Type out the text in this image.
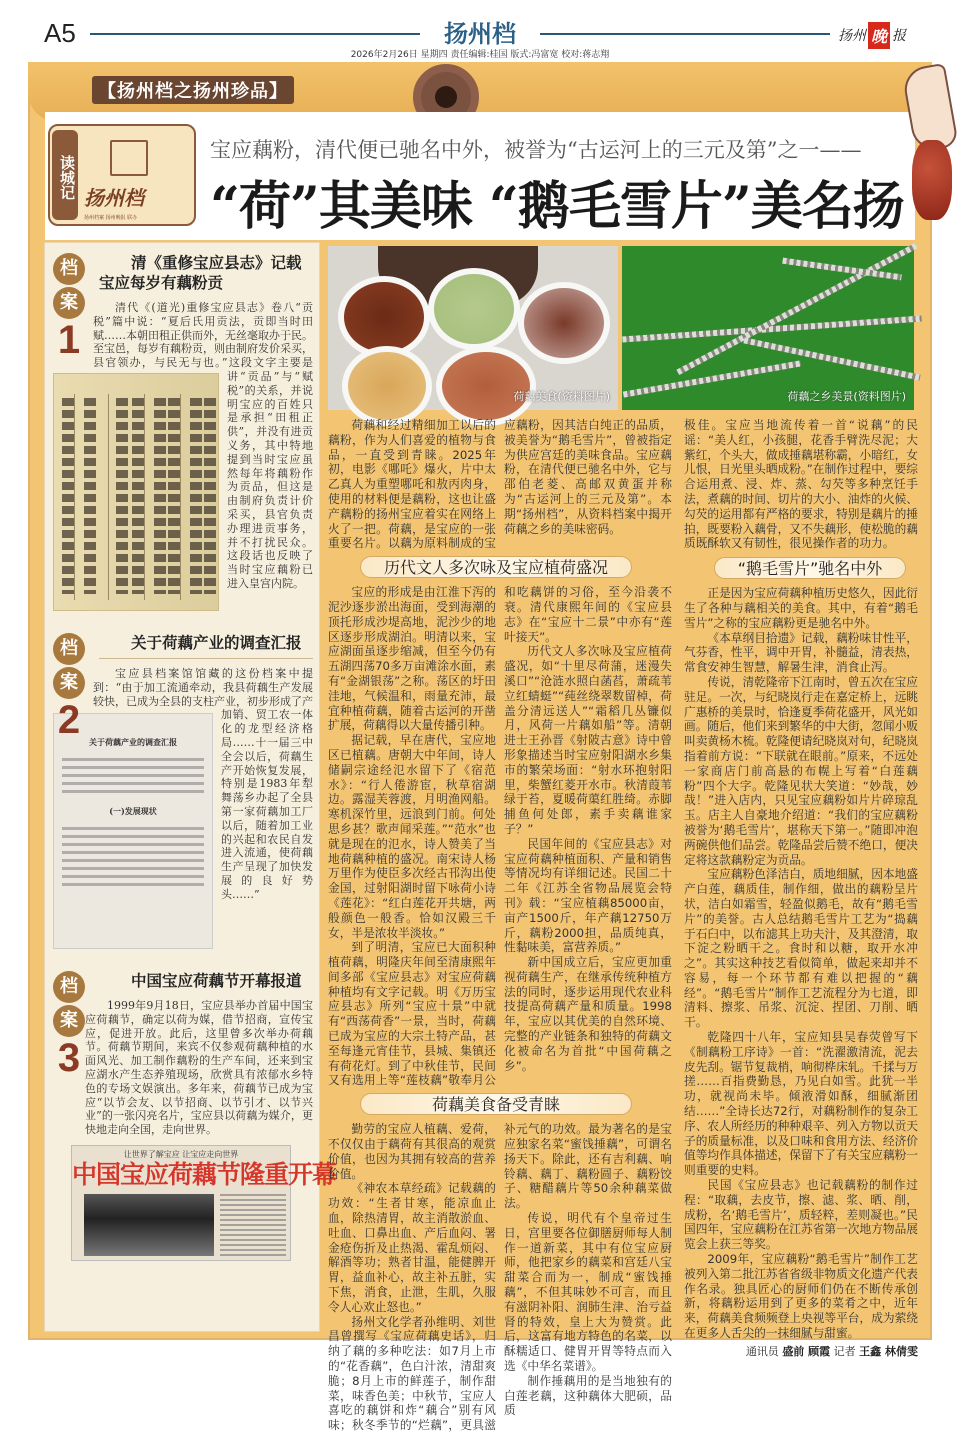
A5	扬州档
2026年2月26日 星期四 责任编辑:桂国 版式:冯富宽 校对:蒋志翔
扬州 晚 报
【扬州档之扬州珍品】
读城记 扬州档
扬州档案 扬州晚报 联办
宝应藕粉，清代便已驰名中外，被誉为“古运河上的三元及第”之一——
“荷”其美味 “鹅毛雪片”美名扬
档
案
1
清《重修宝应县志》记载宝应每岁有藕粉贡
清代《(道光)重修宝应县志》卷八“贡税”篇中说：“夏后氏用贡法，贡即当时田赋……本朝田租正供而外，无丝毫取办于民。至宝邑，每岁有藕粉贡，则由制府发价采买，县官领办，与民无与也。”这段文字主要是讲“贡品”与“赋税”的关系，并说明宝应的百姓只是承担“田租正供”，并没有进贡义务，其中特地提到当时宝应虽然每年将藕粉作为贡品，但这是由制府负责计价采买，县官负责办理进贡事务，并不打扰民众。这段话也反映了当时宝应藕粉已进入皇宫内院。
档
案
2
关于荷藕产业的调查汇报
关于荷藕产业的调查汇报
(一)发展现状
宝应县档案馆馆藏的这份档案中提到：“由于加工流通牵动，我县荷藕生产发展较快，已成为全县的支柱产业，初步形成了产加销、贸工农一体化的龙型经济格局……十一届三中全会以后，荷藕生产开始恢复发展，特别是1983年犁舞荡乡办起了全县第一家荷藕加工厂以后，随着加工业的兴起和农民自发进入流通，使荷藕生产呈现了加快发展的良好势头……”
档
案
3
中国宝应荷藕节开幕报道
1999年9月18日，宝应县举办首届中国宝应荷藕节，确定以荷为媒，借节招商，宣传宝应，促进开放。此后，这里曾多次举办荷藕节。荷藕节期间，来宾不仅参观荷藕种植的水面风光、加工制作藕粉的生产车间，还来到宝应湖水产生态养殖现场，欣赏具有浓郁水乡特色的专场文娱演出。多年来，荷藕节已成为宝应“以节会友、以节招商、以节引才、以节兴业”的一张闪亮名片，宝应县以荷藕为媒介，更快地走向全国，走向世界。
让世界了解宝应 让宝应走向世界
中国宝应荷藕节隆重开幕
荷藕美食(资料图片)	荷藕之乡美景(资料图片)

荷藕和经过精细加工以后的藕粉，作为人们喜爱的植物与食品，一直受到青睐。2025年初，电影《哪吒》爆火，片中太乙真人为重塑哪吒和敖丙肉身，使用的材料便是藕粉，这也让盛产藕粉的扬州宝应着实在网络上火了一把。荷藕，是宝应的一张重要名片。以藕为原料制成的宝应藕粉，因其洁白纯正的品质，被美誉为“鹅毛雪片”，曾被指定为供应宫廷的美味食品。宝应藕粉，在清代便已驰名中外，它与邵伯老菱、高邮双黄蛋并称为“古运河上的三元及第”。本期“扬州档”，从资料档案中揭开荷藕之乡的美味密码。

历代文人多次咏及宝应植荷盛况

宝应的形成是由江淮下泻的泥沙逐步淤出海面，受到海潮的顶托形成沙堤高地，泥沙少的地区逐步形成湖泊。明清以来，宝应湖面虽逐步缩减，但至今仍有五湖四荡70多万亩滩涂水面，素有“金湖银荡”之称。荡区的圩田洼地，气候温和，雨量充沛，最宜种植荷藕，随着古运河的开凿扩展，荷藕得以大量传播引种。

据记载，早在唐代，宝应地区已植藕。唐朝大中年间，诗人储嗣宗途经氾水留下了《宿范水》：“行人倦游宦，秋草宿湖边。露湿芙蓉渡，月明渔网船。寒机深竹里，远浪到门前。何处思乡甚？歌声闻采莲。”“范水”也就是现在的氾水，诗人赞美了当地荷藕种植的盛况。南宋诗人杨万里作为使臣多次经古邗沟出使金国，过射阳湖时留下咏荷小诗《莲花》：“红白莲花开共塘，两般颜色一般香。恰如汉殿三千女，半是浓妆半淡妆。”

到了明清，宝应已大面积种植荷藕，明隆庆年间至清康熙年间多部《宝应县志》对宝应荷藕种植均有文字记载。明《万历宝应县志》所列“宝应十景”中就有“西荡荷香”一景，当时，荷藕已成为宝应的大宗土特产品，甚至每逢元宵佳节，县城、集镇还有荷花灯。到了中秋佳节，民间又有选用上等“莲枝藕”敬奉月公和吃藕饼的习俗，至今沿袭不衰。清代康熙年间的《宝应县志》在“宝应十二景”中亦有“莲叶接天”。

历代文人多次咏及宝应植荷盛况，如“十里尽荷蒲，迷漫失溪口”“沧涟水照白菡萏，萧疏苇立红蜻蜓”“莼丝绕翠数留棹，荷盖分清远送人”“霜稻几丛镰似月，风荷一片藕如船”等。清朝进士王孙晋《射陂古意》诗中曾形象描述当时宝应射阳湖水乡集市的繁荣场面：“射水环抱射阳里，柴蟹红菱开水市。秋清葭苇绿于苔，夏暖荷蕖红胜绮。赤脚捕鱼何处郎，素手卖藕谁家子？”

民国年间的《宝应县志》对宝应荷藕种植面积、产量和销售等情况均有详细记述。民国二十二年《江苏全省物品展览会特刊》载：“宝应植藕85000亩，亩产1500斤，年产藕12750万斤，藕粉2000担，品质纯真，性黏味美，富营养质。”

新中国成立后，宝应更加重视荷藕生产，在继承传统种植方法的同时，逐步运用现代农业科技提高荷藕产量和质量。1998年，宝应以其优美的自然环境、完整的产业链条和独特的荷藕文化被命名为首批“中国荷藕之乡”。

荷藕美食备受青睐

勤劳的宝应人植藕、爱荷，不仅仅由于藕荷有其很高的观赏价值，也因为其拥有较高的营养价值。

《神农本草经疏》记载藕的功效：“生者甘寒，能凉血止血，除热清胃，故主消散淤血、吐血、口鼻出血、产后血闷、署金疮伤折及止热渴、霍乱烦闷、解酒等功；熟者甘温，能健脾开胃，益血补心，故主补五脏，实下焦，消食，止泄，生肌，久服令人心欢止怒也。”

扬州文化学者孙维明、刘世昌曾撰写《宝应荷藕史话》，归纳了藕的多种吃法：如7月上市的“花香藕”，色白汁浓，清甜爽脆；8月上市的鲜莲子，制作甜菜，味香色美；中秋节，宝应人喜吃的藕饼和炸“藕合”别有风味；秋冬季节的“烂藕”，更具滋补元气的功效。最为著名的是宝应独家名菜“蜜饯捶藕”，可谓名扬天下。除此，还有吉利藕、响铃藕、藕丁、藕粉圆子、藕粉饺子、糖醋藕片等50余种藕菜做法。

传说，明代有个皇帝过生日，宫里要各位御膳厨师每人制作一道新菜，其中有位宝应厨师，他把家乡的藕菜和宫廷八宝甜菜合而为一，制成“蜜饯捶藕”，不但其味妙不可言，而且有滋阴补阳、润肺生津、治亏益肾的特效，皇上大为赞赏。此后，这富有地方特色的名菜，以酥糯适口、健胃开胃等特点而入选《中华名菜谱》。

制作捶藕用的是当地独有的白莲老藕，这种藕体大肥硕，品质

极佳。宝应当地流传着一首“说藕”的民谣：“美人红，小孩腿，花香手臂洗尽泥；大紫红，个头大，做成捶藕堪称霸，小暗红，女儿恨，日光里头晒成粉。”在制作过程中，要综合运用煮、浸、炸、蒸、勾芡等多种烹饪手法，煮藕的时间、切片的大小、油炸的火候、勾芡的运用都有严格的要求，特别是藕片的捶拍，既要粉入藕骨，又不失藕形，使松脆的藕质既酥软又有韧性，很见操作者的功力。

“鹅毛雪片”驰名中外

正是因为宝应荷藕种植历史悠久，因此衍生了各种与藕相关的美食。其中，有着“鹅毛雪片”之称的宝应藕粉更是驰名中外。

《本草纲目拾遗》记载，藕粉味甘性平，气芬香，性平，调中开胃，补髓益，清表热，常食安神生智慧，解暑生津，消食止泻。

传说，清乾隆帝下江南时，曾五次在宝应驻足。一次，与纪晓岚行走在嘉定桥上，远眺广惠桥的美景时，恰逢夏季荷花盛开，风光如画。随后，他们来到繁华的中大街，忽闻小贩叫卖黄杨木梳。乾隆便请纪晓岚对句，纪晓岚指着前方说：“下联就在眼前。”原来，不远处一家商店门前高悬的布幌上写着“白莲藕粉”四个大字。乾隆见状大笑道：“妙哉，妙哉！”进入店内，只见宝应藕粉如片片碎琼乱玉。店主人自豪地介绍道：“我们的宝应藕粉被誉为‘鹅毛雪片’，堪称天下第一。”随即冲泡两碗供他们品尝。乾隆品尝后赞不绝口，便决定将这款藕粉定为贡品。

宝应藕粉色泽洁白，质地细腻，因本地盛产白莲，藕质佳，制作细，做出的藕粉呈片状，洁白如霜雪，轻盈似鹅毛，故有“鹅毛雪片”的美誉。古人总结鹅毛雪片工艺为“捣藕于石臼中，以布滤其上功夫汁，及其澄清，取下淀之粉晒干之。食时和以糖，取开水冲之”。其实这种技艺看似简单，做起来却并不容易，每一个环节都有难以把握的“藕经”。“鹅毛雪片”制作工艺流程分为七道，即清料、擦浆、吊浆、沉淀、捏团、刀削、晒干。

乾隆四十八年，宝应知县吴春荧曾写下《制藕粉工序诗》一首：“洗濯激清流，泥去皮先刮。锯节复裁梢，响彻桦床轧。千揉与万搓……百指费勤恳，乃见白如雪。此犹一半功，就视尚未毕。倾液滑如酥，细腻渐团结……”全诗长达72行，对藕粉制作的复杂工序、农人所经历的种种艰辛、列入方物以贡天子的质量标准，以及口味和食用方法、经济价值等均作具体描述，保留下了有关宝应藕粉一则重要的史料。

民国《宝应县志》也记载藕粉的制作过程：“取藕，去皮节，擦、滤、浆、晒、削，成粉，名‘鹅毛雪片’，质轻粹，差则凝也。”民国四年，宝应藕粉在江苏省第一次地方物品展览会上获三等奖。

2009年，宝应藕粉“鹅毛雪片”制作工艺被列入第二批江苏省省级非物质文化遗产代表作名录。独具匠心的厨师们仍在不断传承创新，将藕粉运用到了更多的菜肴之中，近年来，荷藕美食频频登上央视等平台，成为萦绕在更多人舌尖的一抹细腻与甜蜜。

通讯员 盛前 顾霞 记者 王鑫 林倩雯
